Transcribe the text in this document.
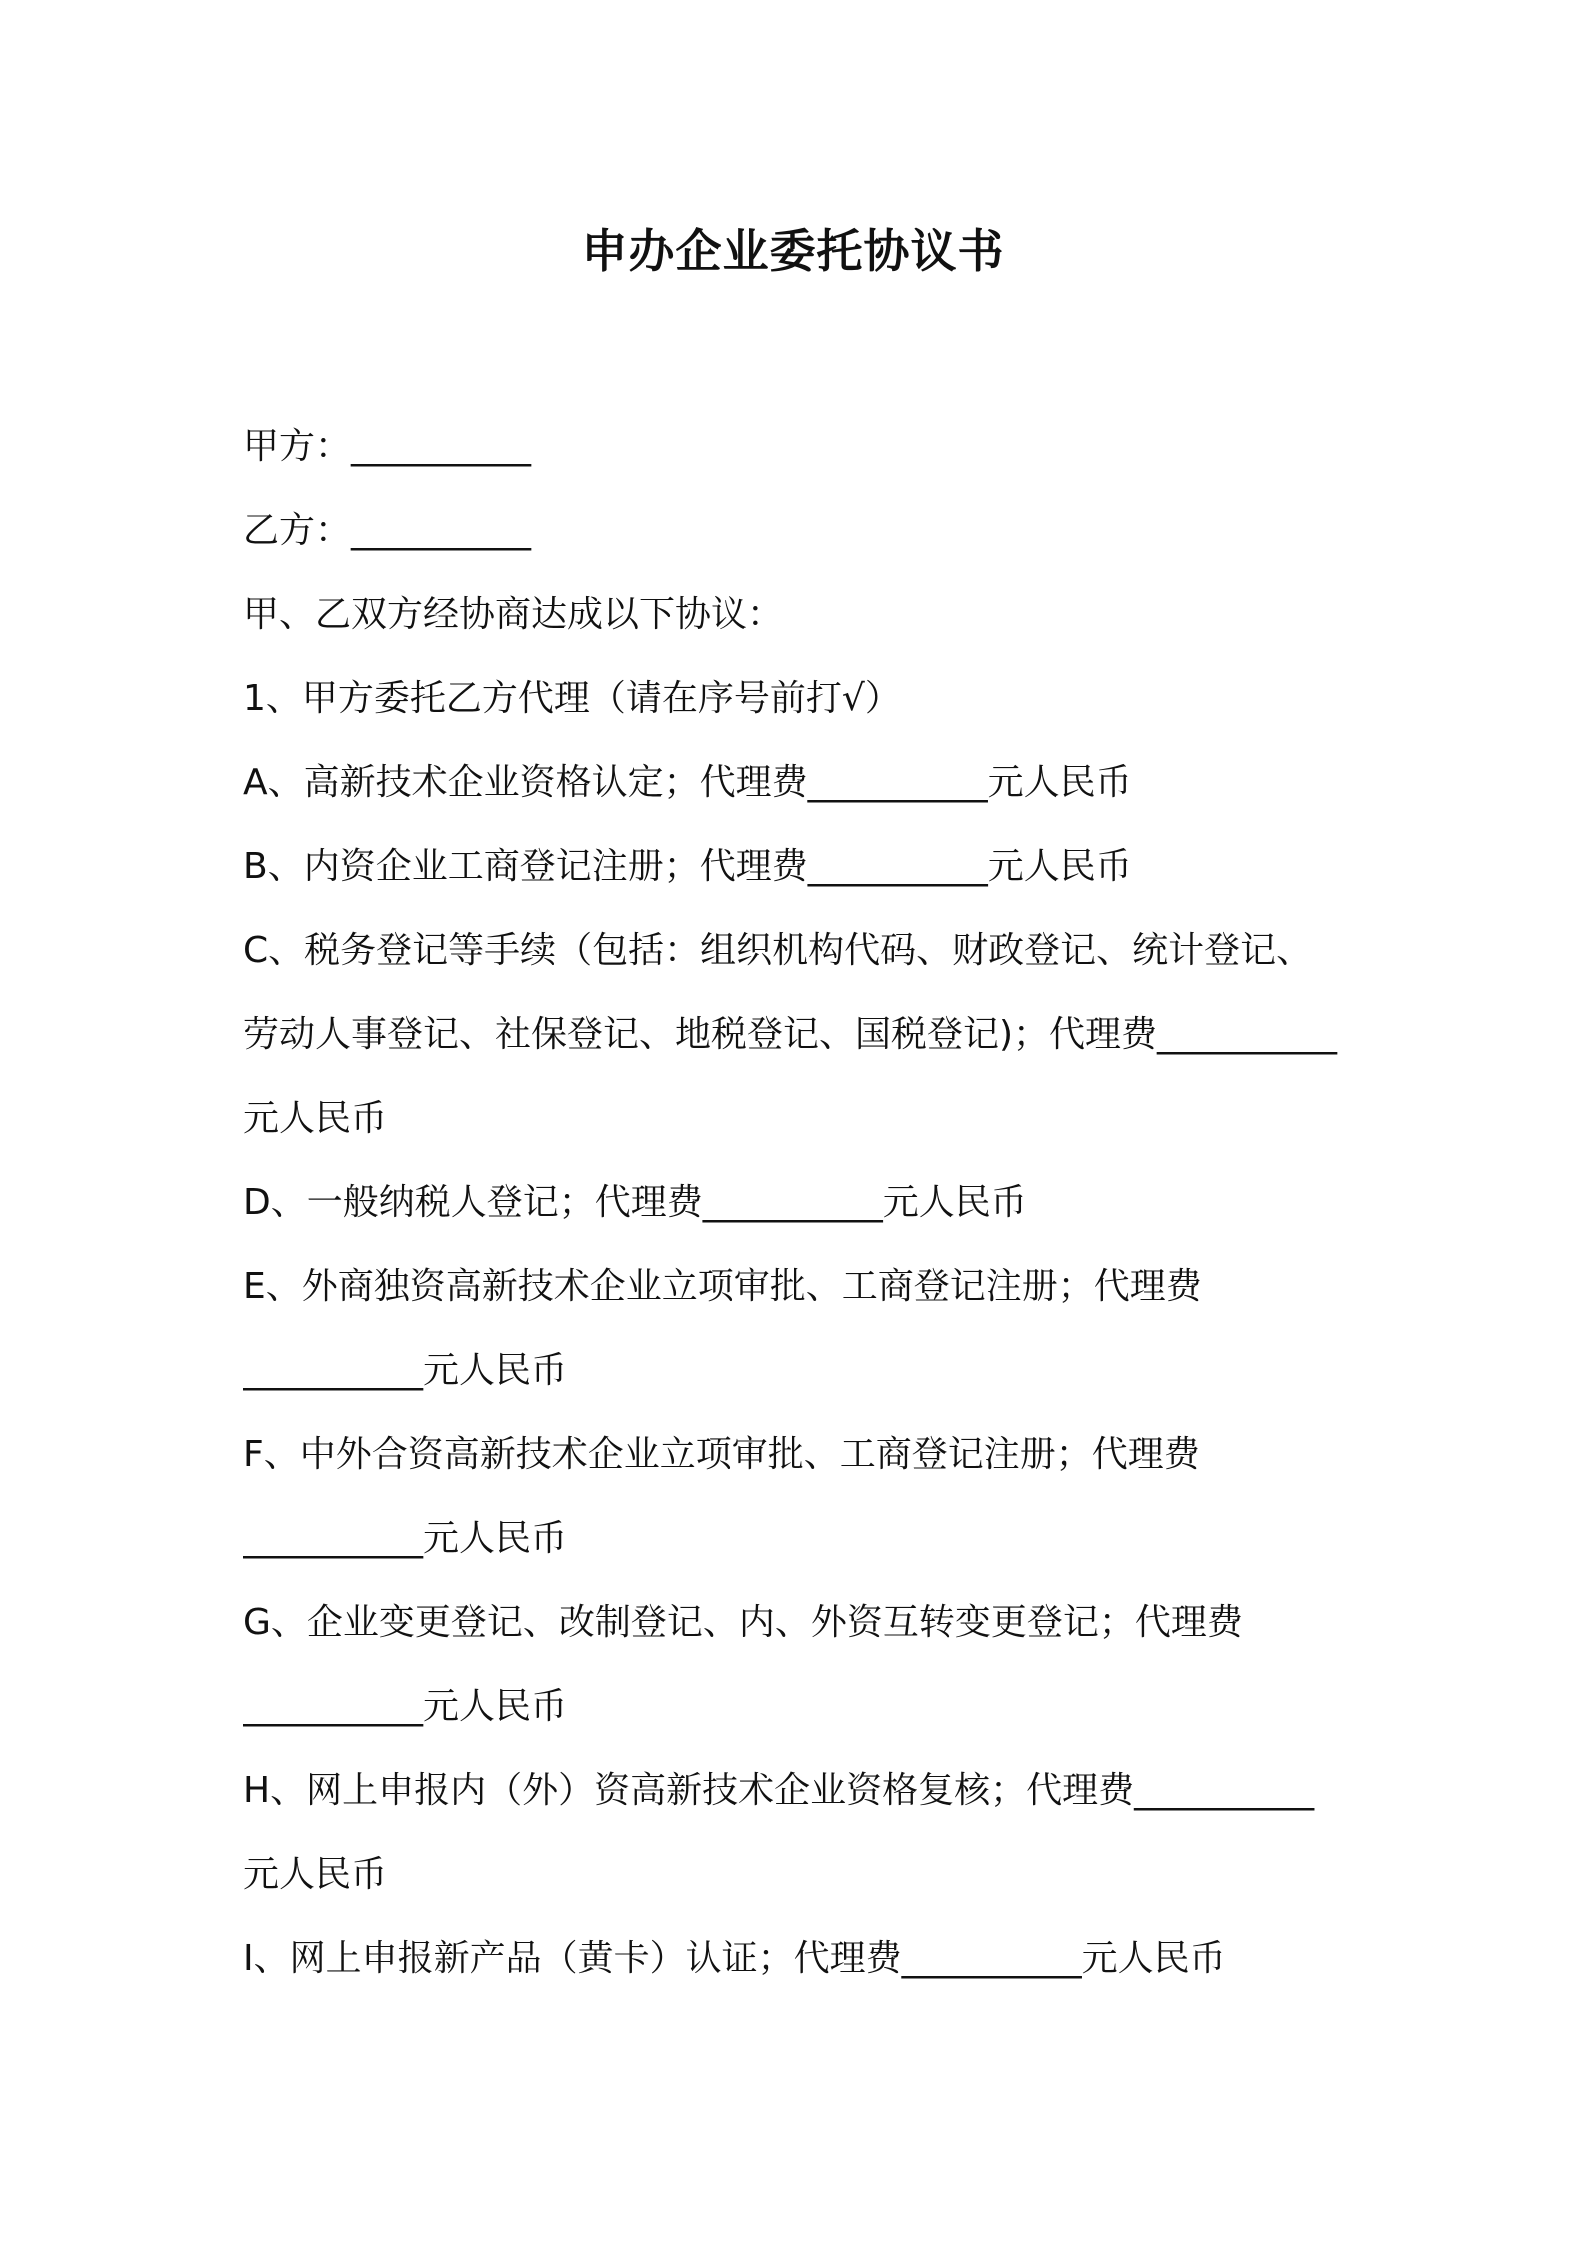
申办企业委托协议书
甲方：__________
乙方：__________
甲、乙双方经协商达成以下协议：
1、甲方委托乙方代理（请在序号前打√）
A、高新技术企业资格认定；代理费__________元人民币
B、内资企业工商登记注册；代理费__________元人民币
C、税务登记等手续（包括：组织机构代码、财政登记、统计登记、
劳动人事登记、社保登记、地税登记、国税登记)；代理费__________
元人民币
D、一般纳税人登记；代理费__________元人民币
E、外商独资高新技术企业立项审批、工商登记注册；代理费
__________元人民币
F、中外合资高新技术企业立项审批、工商登记注册；代理费
__________元人民币
G、企业变更登记、改制登记、内、外资互转变更登记；代理费
__________元人民币
H、网上申报内（外）资高新技术企业资格复核；代理费__________
元人民币
I、网上申报新产品（黄卡）认证；代理费__________元人民币
